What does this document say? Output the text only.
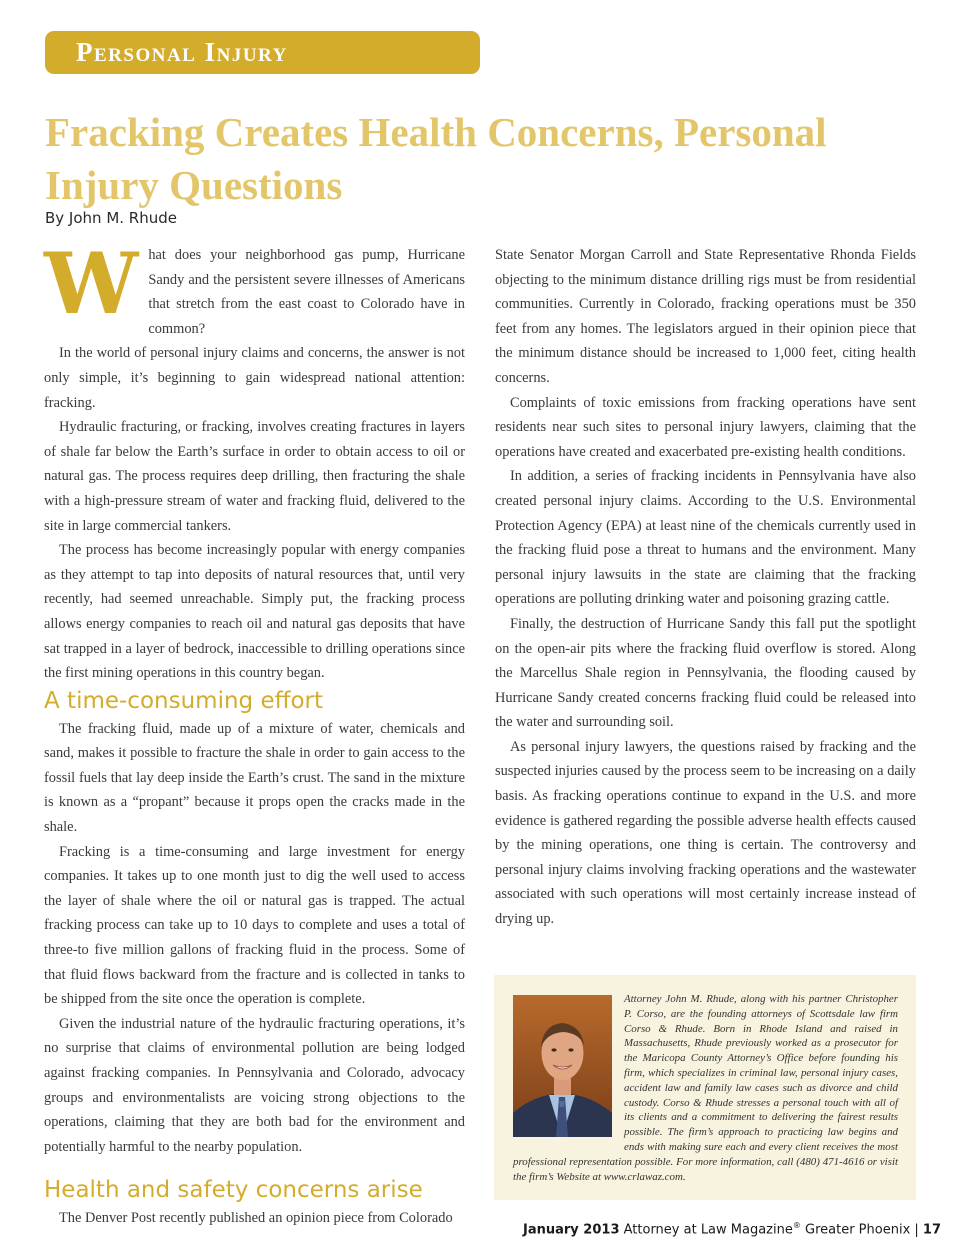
Personal Injury
Fracking Creates Health Concerns, Personal Injury Questions
By John M. Rhude

What does your neighborhood gas pump, Hurricane Sandy and the persistent severe illnesses of Americans that stretch from the east coast to Colorado have in common?

In the world of personal injury claims and concerns, the answer is not only simple, it’s beginning to gain widespread national attention: fracking.

Hydraulic fracturing, or fracking, involves creating fractures in layers of shale far below the Earth’s surface in order to obtain access to oil or natural gas. The process requires deep drilling, then fracturing the shale with a high-pressure stream of water and fracking fluid, delivered to the site in large commercial tankers.

The process has become increasingly popular with energy companies as they attempt to tap into deposits of natural resources that, until very recently, had seemed unreachable. Simply put, the fracking process allows energy companies to reach oil and natural gas deposits that have sat trapped in a layer of bedrock, inaccessible to drilling operations since the first mining operations in this country began.

A time-consuming effort

The fracking fluid, made up of a mixture of water, chemicals and sand, makes it possible to fracture the shale in order to gain access to the fossil fuels that lay deep inside the Earth’s crust. The sand in the mixture is known as a “propant” because it props open the cracks made in the shale.

Fracking is a time-consuming and large investment for energy companies. It takes up to one month just to dig the well used to access the layer of shale where the oil or natural gas is trapped. The actual fracking process can take up to 10 days to complete and uses a total of three-to five million gallons of fracking fluid in the process. Some of that fluid flows backward from the fracture and is collected in tanks to be shipped from the site once the operation is complete.

Given the industrial nature of the hydraulic fracturing operations, it’s no surprise that claims of environmental pollution are being lodged against fracking companies. In Pennsylvania and Colorado, advocacy groups and environmentalists are voicing strong objections to the operations, claiming that they are both bad for the environment and potentially harmful to the nearby population.

Health and safety concerns arise

The Denver Post recently published an opinion piece from Colorado

State Senator Morgan Carroll and State Representative Rhonda Fields objecting to the minimum distance drilling rigs must be from residential communities. Currently in Colorado, fracking operations must be 350 feet from any homes. The legislators argued in their opinion piece that the minimum distance should be increased to 1,000 feet, citing health concerns.

Complaints of toxic emissions from fracking operations have sent residents near such sites to personal injury lawyers, claiming that the operations have created and exacerbated pre-existing health conditions.

In addition, a series of fracking incidents in Pennsylvania have also created personal injury claims. According to the U.S. Environmental Protection Agency (EPA) at least nine of the chemicals currently used in the fracking fluid pose a threat to humans and the environment. Many personal injury lawsuits in the state are claiming that the fracking operations are polluting drinking water and poisoning grazing cattle.

Finally, the destruction of Hurricane Sandy this fall put the spotlight on the open-air pits where the fracking fluid overflow is stored. Along the Marcellus Shale region in Pennsylvania, the flooding caused by Hurricane Sandy created concerns fracking fluid could be released into the water and surrounding soil.

As personal injury lawyers, the questions raised by fracking and the suspected injuries caused by the process seem to be increasing on a daily basis. As fracking operations continue to expand in the U.S. and more evidence is gathered regarding the possible adverse health effects caused by the mining operations, one thing is certain. The controversy and personal injury claims involving fracking operations and the wastewater associated with such operations will most certainly increase instead of drying up.

Attorney John M. Rhude, along with his partner Christopher P. Corso, are the founding attorneys of Scottsdale law firm Corso & Rhude. Born in Rhode Island and raised in Massachusetts, Rhude previously worked as a prosecutor for the Maricopa County Attorney’s Office before founding his firm, which specializes in criminal law, personal injury cases, accident law and family law cases such as divorce and child custody. Corso & Rhude stresses a personal touch with all of its clients and a commitment to delivering the fairest results possible. The firm’s approach to practicing law begins and ends with making sure each and every client receives the most professional representation possible. For more information, call (480) 471-4616 or visit the firm’s Website at www.crlawaz.com.

January 2013 Attorney at Law Magazine® Greater Phoenix | 17
